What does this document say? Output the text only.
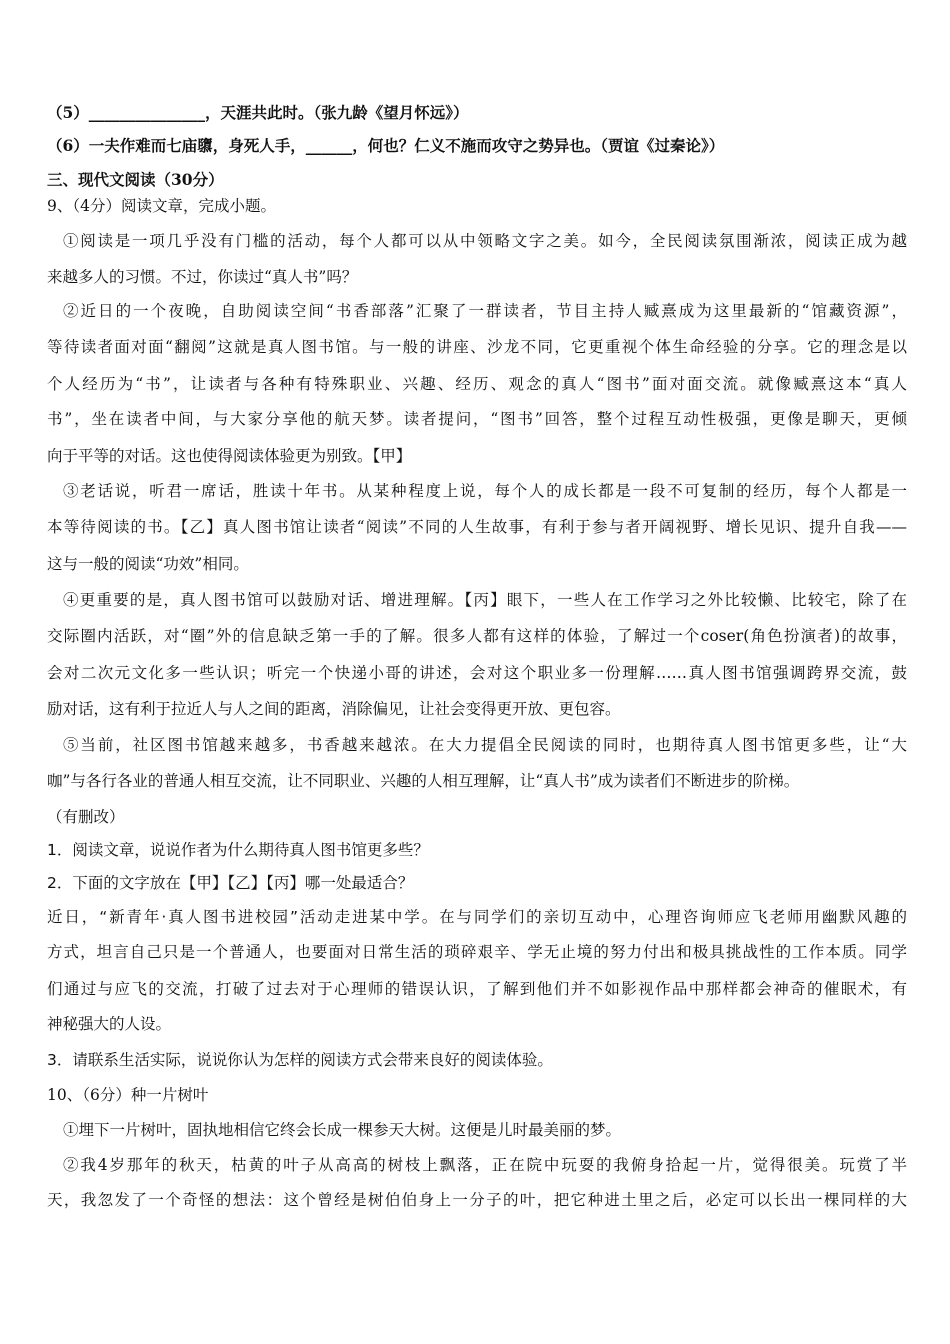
（5）_______________，天涯共此时。（张九龄《望月怀远》）
（6）一夫作难而七庙隳，身死人手，______，何也？仁义不施而攻守之势异也。（贾谊《过秦论》）
三、现代文阅读（30分）
9、（4分）阅读文章，完成小题。
①阅读是一项几乎没有门槛的活动，每个人都可以从中领略文字之美。如今，全民阅读氛围渐浓，阅读正成为越
来越多人的习惯。不过，你读过“真人书”吗？
②近日的一个夜晚，自助阅读空间“书香部落”汇聚了一群读者，节目主持人臧熹成为这里最新的“馆藏资源”，
等待读者面对面“翻阅”这就是真人图书馆。与一般的讲座、沙龙不同，它更重视个体生命经验的分享。它的理念是以
个人经历为“书”，让读者与各种有特殊职业、兴趣、经历、观念的真人“图书”面对面交流。就像臧熹这本“真人
书”，坐在读者中间，与大家分享他的航天梦。读者提问，“图书”回答，整个过程互动性极强，更像是聊天，更倾
向于平等的对话。这也使得阅读体验更为别致。【甲】
③老话说，听君一席话，胜读十年书。从某种程度上说，每个人的成长都是一段不可复制的经历，每个人都是一
本等待阅读的书。【乙】真人图书馆让读者“阅读”不同的人生故事，有利于参与者开阔视野、增长见识、提升自我——
这与一般的阅读“功效”相同。
④更重要的是，真人图书馆可以鼓励对话、增进理解。【丙】眼下，一些人在工作学习之外比较懒、比较宅，除了在
交际圈内活跃，对“圈”外的信息缺乏第一手的了解。很多人都有这样的体验，了解过一个coser(角色扮演者)的故事，
会对二次元文化多一些认识；听完一个快递小哥的讲述，会对这个职业多一份理解……真人图书馆强调跨界交流，鼓
励对话，这有利于拉近人与人之间的距离，消除偏见，让社会变得更开放、更包容。
⑤当前，社区图书馆越来越多，书香越来越浓。在大力提倡全民阅读的同时，也期待真人图书馆更多些，让“大
咖”与各行各业的普通人相互交流，让不同职业、兴趣的人相互理解，让“真人书”成为读者们不断进步的阶梯。
（有删改）
1．阅读文章，说说作者为什么期待真人图书馆更多些？
2．下面的文字放在【甲】【乙】【丙】哪一处最适合？
近日，“新青年·真人图书进校园”活动走进某中学。在与同学们的亲切互动中，心理咨询师应飞老师用幽默风趣的
方式，坦言自己只是一个普通人，也要面对日常生活的琐碎艰辛、学无止境的努力付出和极具挑战性的工作本质。同学
们通过与应飞的交流，打破了过去对于心理师的错误认识，了解到他们并不如影视作品中那样都会神奇的催眠术，有
神秘强大的人设。
3．请联系生活实际，说说你认为怎样的阅读方式会带来良好的阅读体验。
10、（6分）种一片树叶
①埋下一片树叶，固执地相信它终会长成一棵参天大树。这便是儿时最美丽的梦。
②我4岁那年的秋天，枯黄的叶子从高高的树枝上飘落，正在院中玩耍的我俯身拾起一片，觉得很美。玩赏了半
天，我忽发了一个奇怪的想法：这个曾经是树伯伯身上一分子的叶，把它种进土里之后，必定可以长出一棵同样的大
